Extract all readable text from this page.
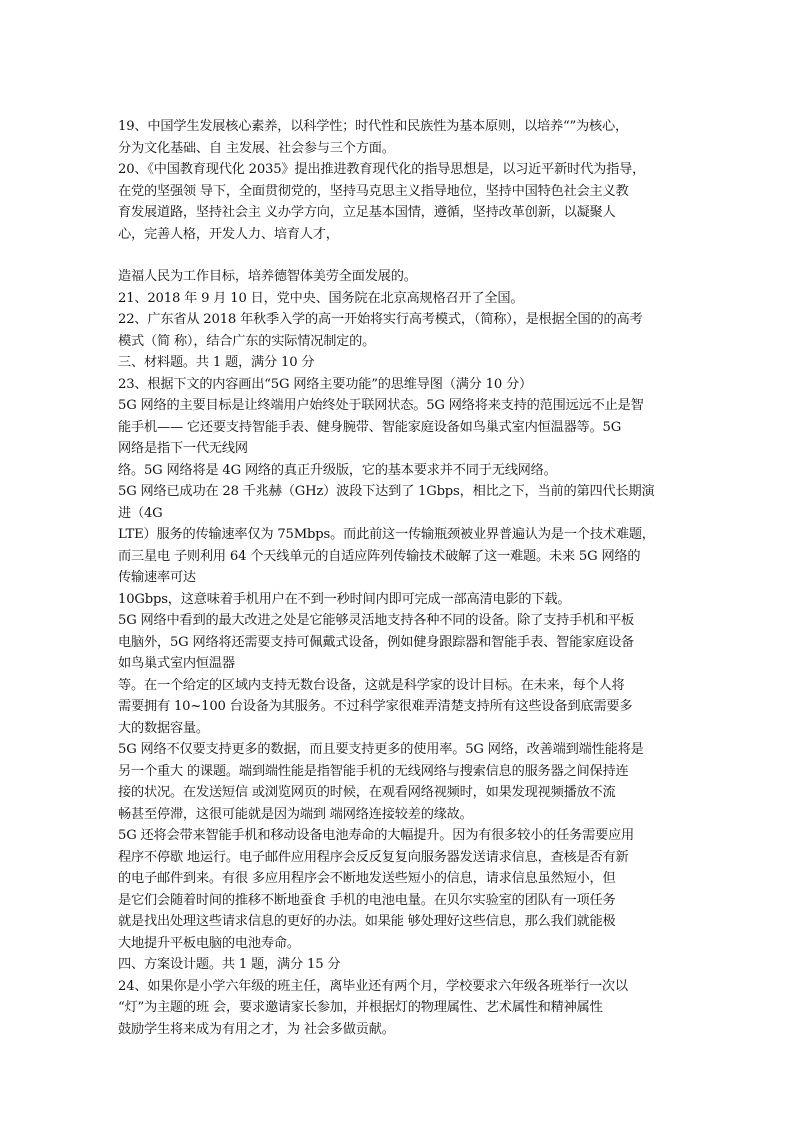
19、中国学生发展核心素养，以科学性；时代性和民族性为基本原则，以培养“”为核心，
分为文化基础、自 主发展、社会参与三个方面。
20、《中国教育现代化 2035》提出推进教育现代化的指导思想是，以习近平新时代为指导，
在党的坚强领 导下，全面贯彻党的，坚持马克思主义指导地位，坚持中国特色社会主义教
育发展道路，坚持社会主 义办学方向，立足基本国情，遵循，坚持改革创新，以凝聚人
心，完善人格，开发人力、培育人才，
造福人民为工作目标，培养德智体美劳全面发展的。
21、2018 年 9 月 10 日，党中央、国务院在北京高规格召开了全国。
22、广东省从 2018 年秋季入学的高一开始将实行高考模式，（简称），是根据全国的的高考
模式（简 称），结合广东的实际情况制定的。
三、材料题。共 1 题，满分 10 分
23、根据下文的内容画出“5G 网络主要功能”的思维导图（满分 10 分）
5G 网络的主要目标是让终端用户始终处于联网状态。5G 网络将来支持的范围远远不止是智
能手机—— 它还要支持智能手表、健身腕带、智能家庭设备如鸟巢式室内恒温器等。5G
网络是指下一代无线网
络。5G 网络将是 4G 网络的真正升级版，它的基本要求并不同于无线网络。
5G 网络已成功在 28 千兆赫（GHz）波段下达到了 1Gbps，相比之下，当前的第四代长期演
进（4G
LTE）服务的传输速率仅为 75Mbps。而此前这一传输瓶颈被业界普遍认为是一个技术难题，
而三星电 子则利用 64 个天线单元的自适应阵列传输技术破解了这一难题。未来 5G 网络的
传输速率可达
10Gbps，这意味着手机用户在不到一秒时间内即可完成一部高清电影的下载。
5G 网络中看到的最大改进之处是它能够灵活地支持各种不同的设备。除了支持手机和平板
电脑外，5G 网络将还需要支持可佩戴式设备，例如健身跟踪器和智能手表、智能家庭设备
如鸟巢式室内恒温器
等。在一个给定的区域内支持无数台设备，这就是科学家的设计目标。在未来，每个人将
需要拥有 10~100 台设备为其服务。不过科学家很难弄清楚支持所有这些设备到底需要多
大的数据容量。
5G 网络不仅要支持更多的数据，而且要支持更多的使用率。5G 网络，改善端到端性能将是
另一个重大 的课题。端到端性能是指智能手机的无线网络与搜索信息的服务器之间保持连
接的状况。在发送短信 或浏览网页的时候，在观看网络视频时，如果发现视频播放不流
畅甚至停滞，这很可能就是因为端到 端网络连接较差的缘故。
5G 还将会带来智能手机和移动设备电池寿命的大幅提升。因为有很多较小的任务需要应用
程序不停歇 地运行。电子邮件应用程序会反反复复向服务器发送请求信息，查核是否有新
的电子邮件到来。有很 多应用程序会不断地发送些短小的信息，请求信息虽然短小，但
是它们会随着时间的推移不断地蚕食 手机的电池电量。在贝尔实验室的团队有一项任务
就是找出处理这些请求信息的更好的办法。如果能 够处理好这些信息，那么我们就能极
大地提升平板电脑的电池寿命。
四、方案设计题。共 1 题，满分 15 分
24、如果你是小学六年级的班主任，离毕业还有两个月，学校要求六年级各班举行一次以
“灯”为主题的班 会，要求邀请家长参加，并根据灯的物理属性、艺术属性和精神属性
鼓励学生将来成为有用之才，为 社会多做贡献。
